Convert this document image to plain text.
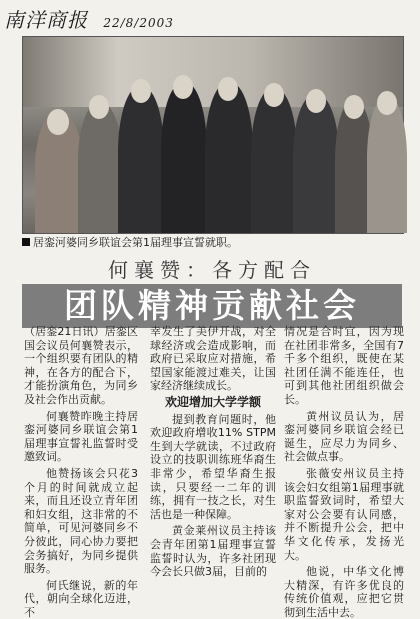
南洋商报 22/8/2003
居銮河婆同乡联谊会第1届理事宣誓就职。
何襄赞：各方配合
团队精神贡献社会

（居銮21日讯）居銮区国会议员何襄赞表示，一个组织要有团队的精神，在各方的配合下，才能扮演角色，为同乡及社会作出贡献。

何襄赞昨晚主持居銮河婆同乡联谊会第1届理事宣誓礼监誓时受邀致词。

他赞扬该会只花3个月的时间就成立起来，而且还设立青年团和妇女组，这非常的不简单，可见河婆同乡不分彼此，同心协力要把会务搞好，为同乡提供服务。

何氏继说，新的年代，朝向全球化迈进，不

幸发生了美伊开战，对全球经济或会造成影响，而政府已采取应对措施，希望国家能渡过难关，让国家经济继续成长。

欢迎增加大学学额

提到教育问题时，他欢迎政府增收11% STPM生到大学就读，不过政府设立的技职训练班华裔生非常少，希望华裔生报读，只要经一二年的训练，拥有一技之长，对生活也是一种保障。

黄金莱州议员主持该会青年团第1届理事宣誓监誓时认为，许多社团现今会长只做3届，目前的

情况是合时宜，因为现在社团非常多，全国有7千多个组织，既使在某社团任满不能连任，也可到其他社团组织做会长。

黄州议员认为，居銮河婆同乡联谊会经已诞生，应尽力为同乡、社会做点事。

张薇安州议员主持该会妇女组第1届理事就职监誓致词时，希望大家对公会要有认同感，并不断提升公会，把中华文化传承，发扬光大。

他说，中华文化博大精深，有许多优良的传统价值观，应把它贯彻到生活中去。
